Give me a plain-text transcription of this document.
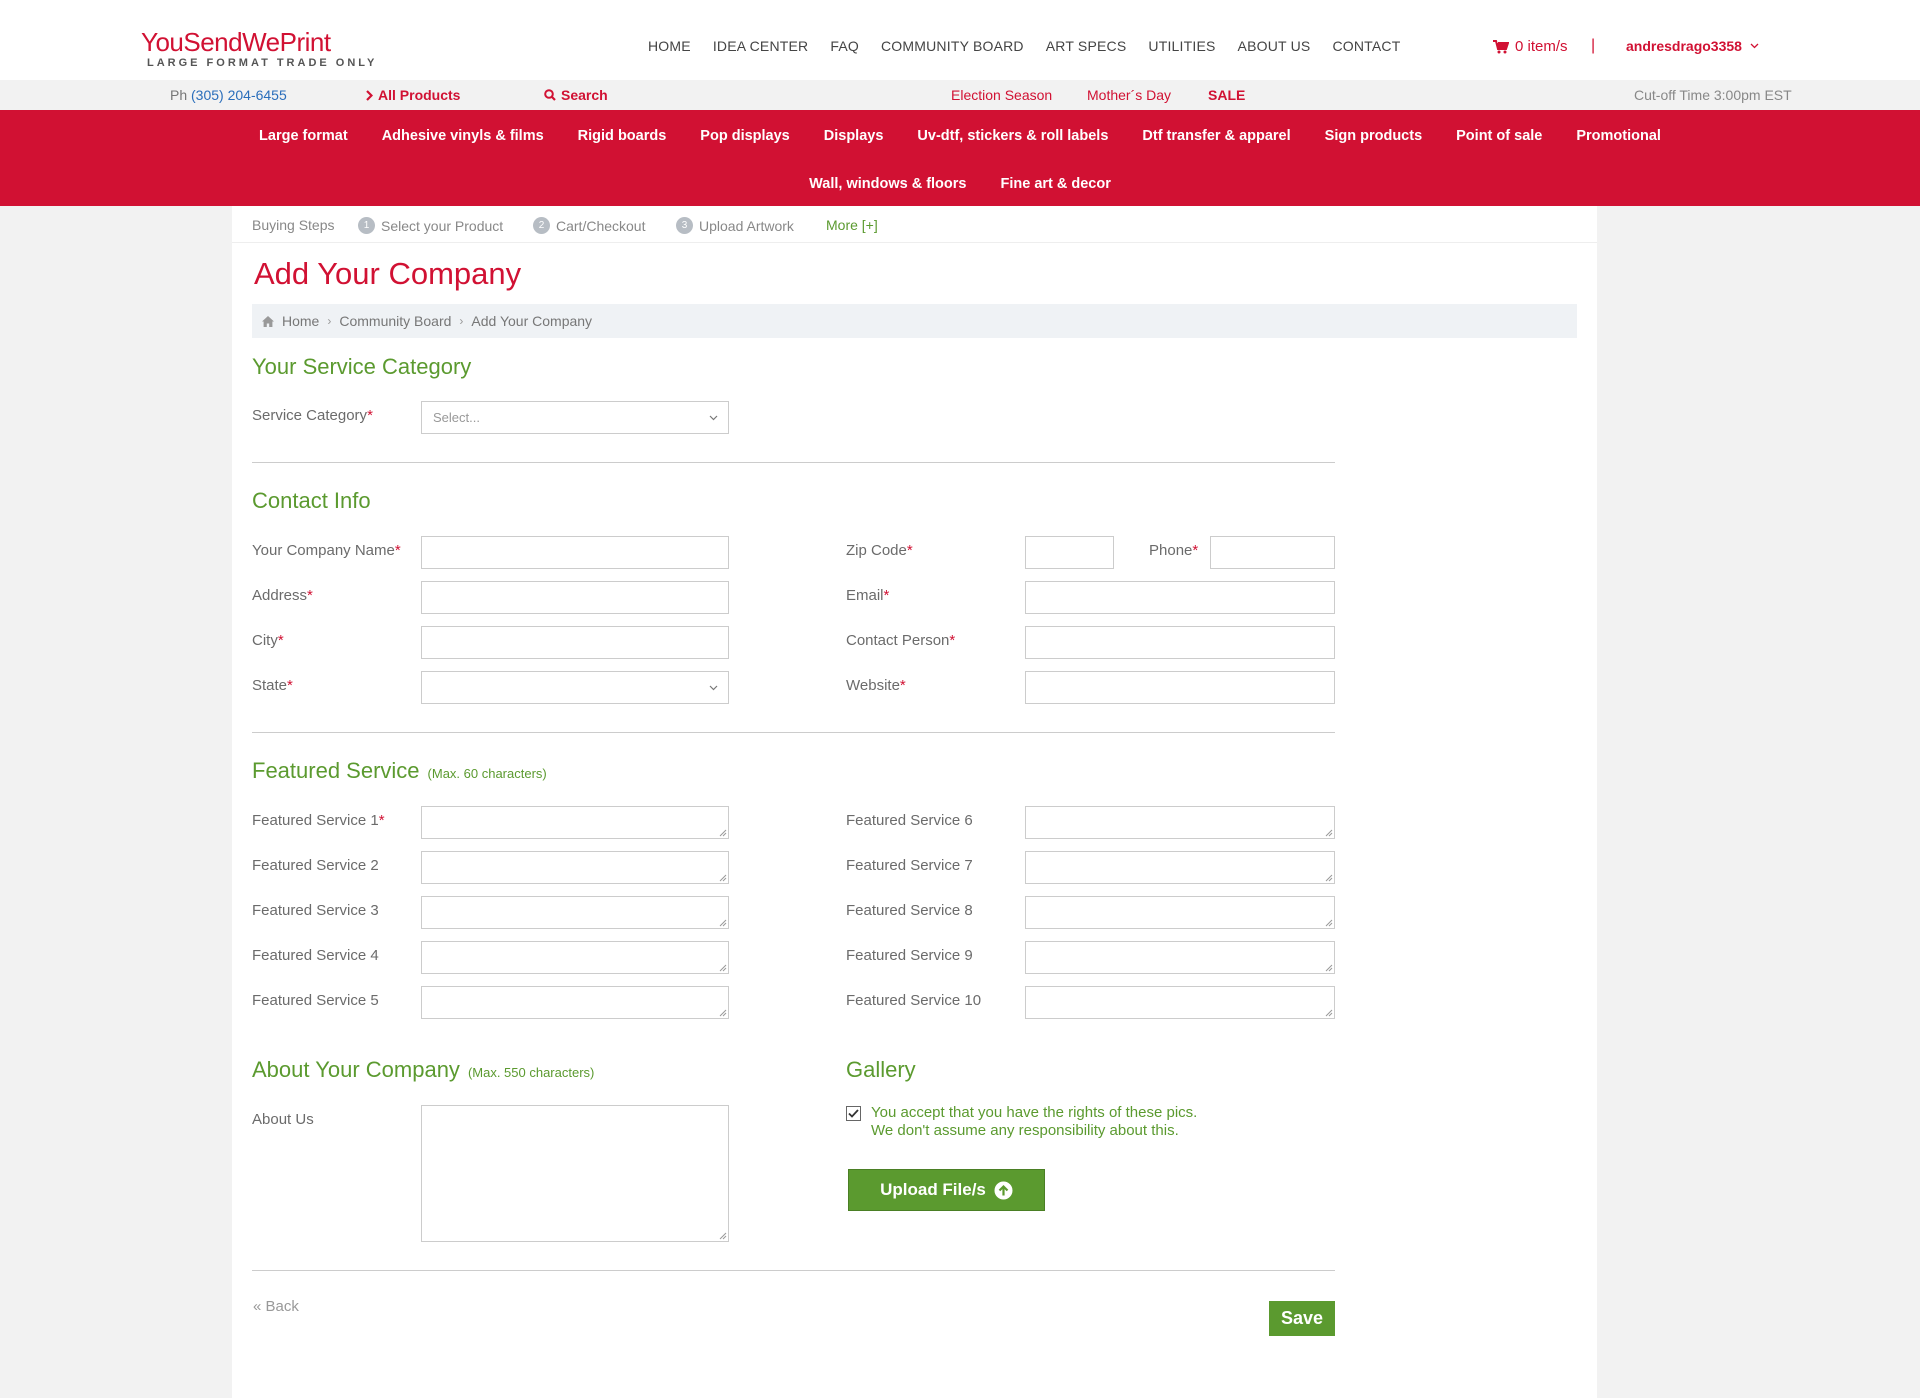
YouSendWePrint
LARGE FORMAT TRADE ONLY
HOME IDEA CENTER FAQ COMMUNITY BOARD ART SPECS UTILITIES ABOUT US CONTACT	0 item/s | andresdrago3358
Ph (305) 204-6455	All Products	Search	Election Season Mother´s Day	SALE	Cut-off Time 3:00pm EST
Large format Adhesive vinyls & films Rigid boards Pop displays Displays Uv-dtf, stickers & roll labels Dtf transfer & apparel Sign products Point of sale Promotional
Wall, windows & floors Fine art & decor
Buying Steps	1 Select your Product	2 Cart/Checkout	3 Upload Artwork More [+]
Add Your Company
Home › Community Board › Add Your Company
Your Service Category
Service Category*	Select...
Contact Info
Your Company Name*
Address*
City*
State*
Zip Code*	Phone*
Email*
Contact Person*
Website*
Featured Service (Max. 60 characters)
Featured Service 1*
Featured Service 2
Featured Service 3
Featured Service 4
Featured Service 5
Featured Service 6
Featured Service 7
Featured Service 8
Featured Service 9
Featured Service 10
About Your Company (Max. 550 characters)
About Us
Gallery
You accept that you have the rights of these pics.
We don't assume any responsibility about this.
Upload File/s
« Back
Save
